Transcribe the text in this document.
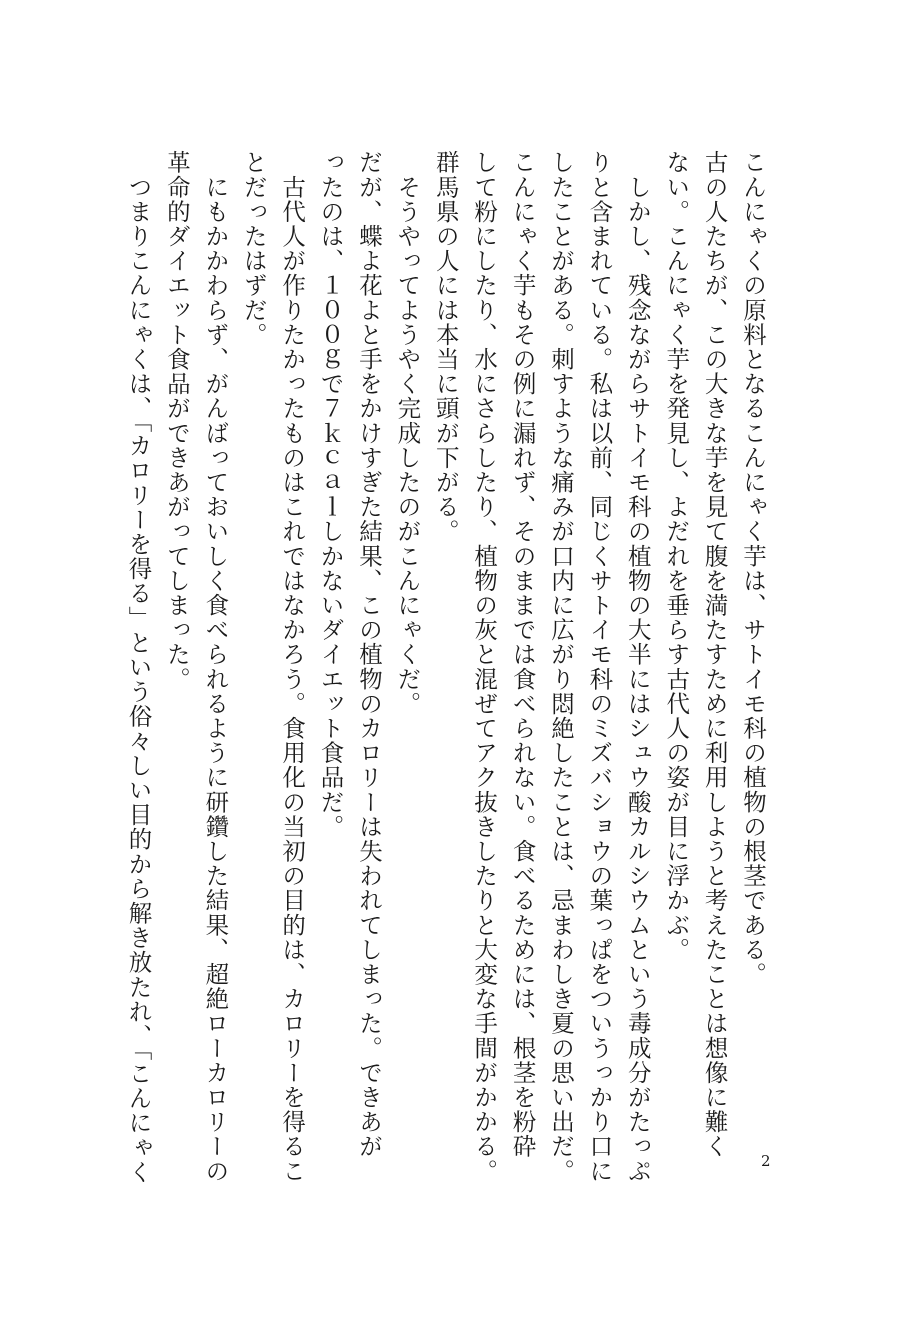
こんにゃくの原料となるこんにゃく芋は、サトイモ科の植物の根茎である。
古の人たちが、この大きな芋を見て腹を満たすために利用しようと考えたことは想像に難く
ない。こんにゃく芋を発見し、よだれを垂らす古代人の姿が目に浮かぶ。
　しかし、残念ながらサトイモ科の植物の大半にはシュウ酸カルシウムという毒成分がたっぷ
りと含まれている。私は以前、同じくサトイモ科のミズバショウの葉っぱをついうっかり口に
したことがある。刺すような痛みが口内に広がり悶絶したことは、忌まわしき夏の思い出だ。
こんにゃく芋もその例に漏れず、そのままでは食べられない。食べるためには、根茎を粉砕
して粉にしたり、水にさらしたり、植物の灰と混ぜてアク抜きしたりと大変な手間がかかる。
群馬県の人には本当に頭が下がる。
　そうやってようやく完成したのがこんにゃくだ。
だが、蝶よ花よと手をかけすぎた結果、この植物のカロリーは失われてしまった。できあが
ったのは、１００ｇで７ｋｃａｌしかないダイエット食品だ。
　古代人が作りたかったものはこれではなかろう。食用化の当初の目的は、カロリーを得るこ
とだったはずだ。
　にもかかわらず、がんばっておいしく食べられるように研鑽した結果、超絶ローカロリーの
革命的ダイエット食品ができあがってしまった。
　つまりこんにゃくは、「カロリーを得る」という俗々しい目的から解き放たれ、「こんにゃく	2
